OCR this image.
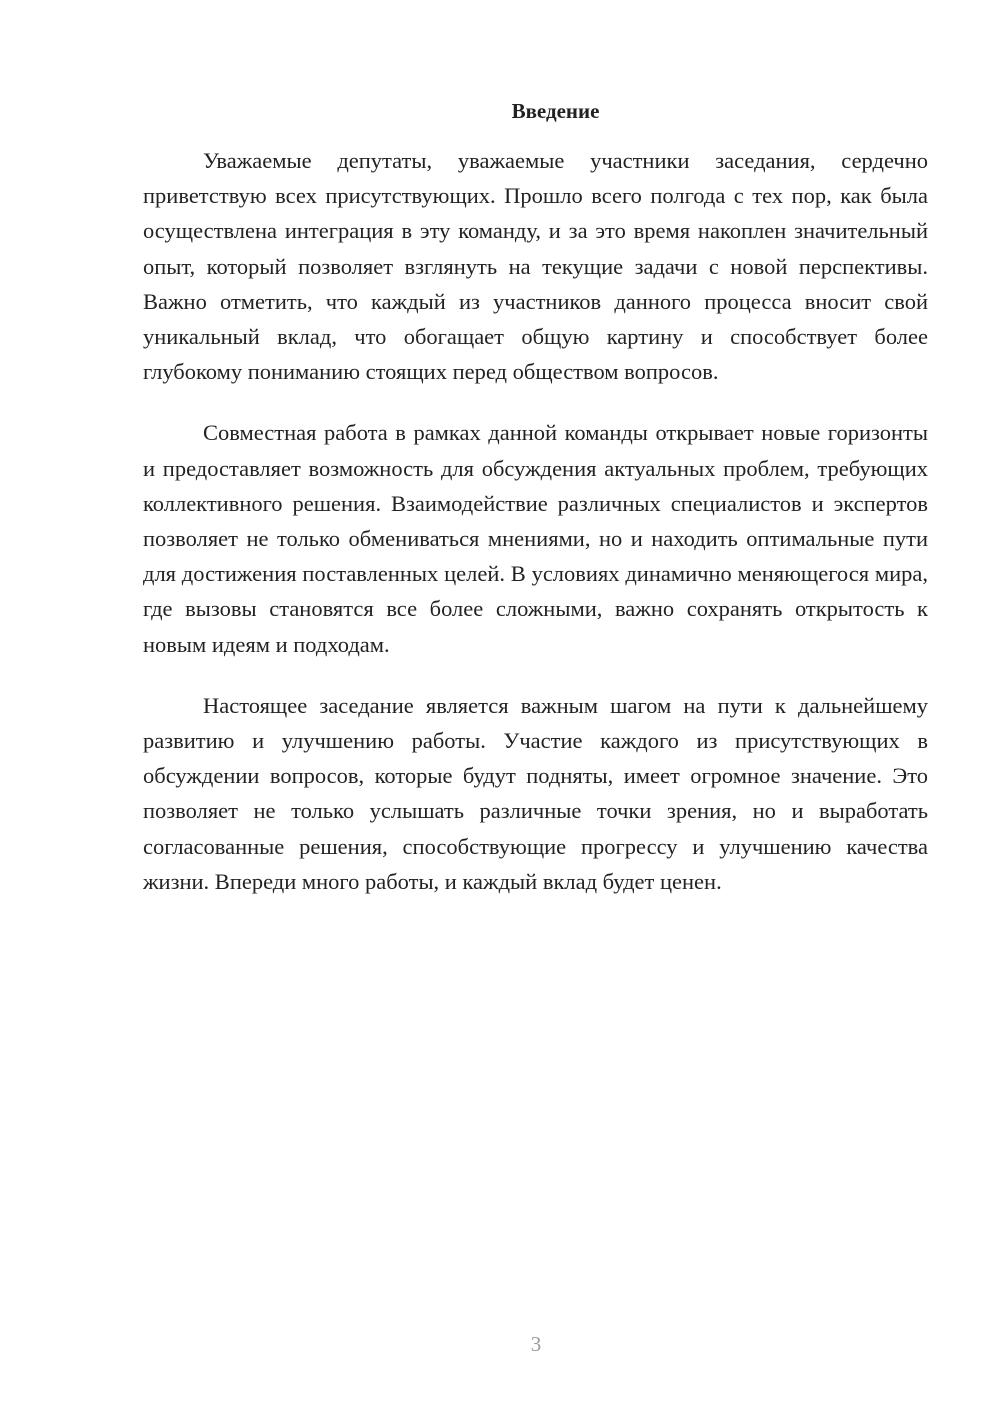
Введение

Уважаемые депутаты, уважаемые участники заседания, сердечно приветствую всех присутствующих. Прошло всего полгода с тех пор, как была осуществлена интеграция в эту команду, и за это время накоплен значительный опыт, который позволяет взглянуть на текущие задачи с новой перспективы. Важно отметить, что каждый из участников данного процесса вносит свой уникальный вклад, что обогащает общую картину и способствует более глубокому пониманию стоящих перед обществом вопросов.

Совместная работа в рамках данной команды открывает новые горизонты и предоставляет возможность для обсуждения актуальных проблем, требующих коллективного решения. Взаимодействие различных специалистов и экспертов позволяет не только обмениваться мнениями, но и находить оптимальные пути для достижения поставленных целей. В условиях динамично меняющегося мира, где вызовы становятся все более сложными, важно сохранять открытость к новым идеям и подходам.

Настоящее заседание является важным шагом на пути к дальнейшему развитию и улучшению работы. Участие каждого из присутствующих в обсуждении вопросов, которые будут подняты, имеет огромное значение. Это позволяет не только услышать различные точки зрения, но и выработать согласованные решения, способствующие прогрессу и улучшению качества жизни. Впереди много работы, и каждый вклад будет ценен.

3
